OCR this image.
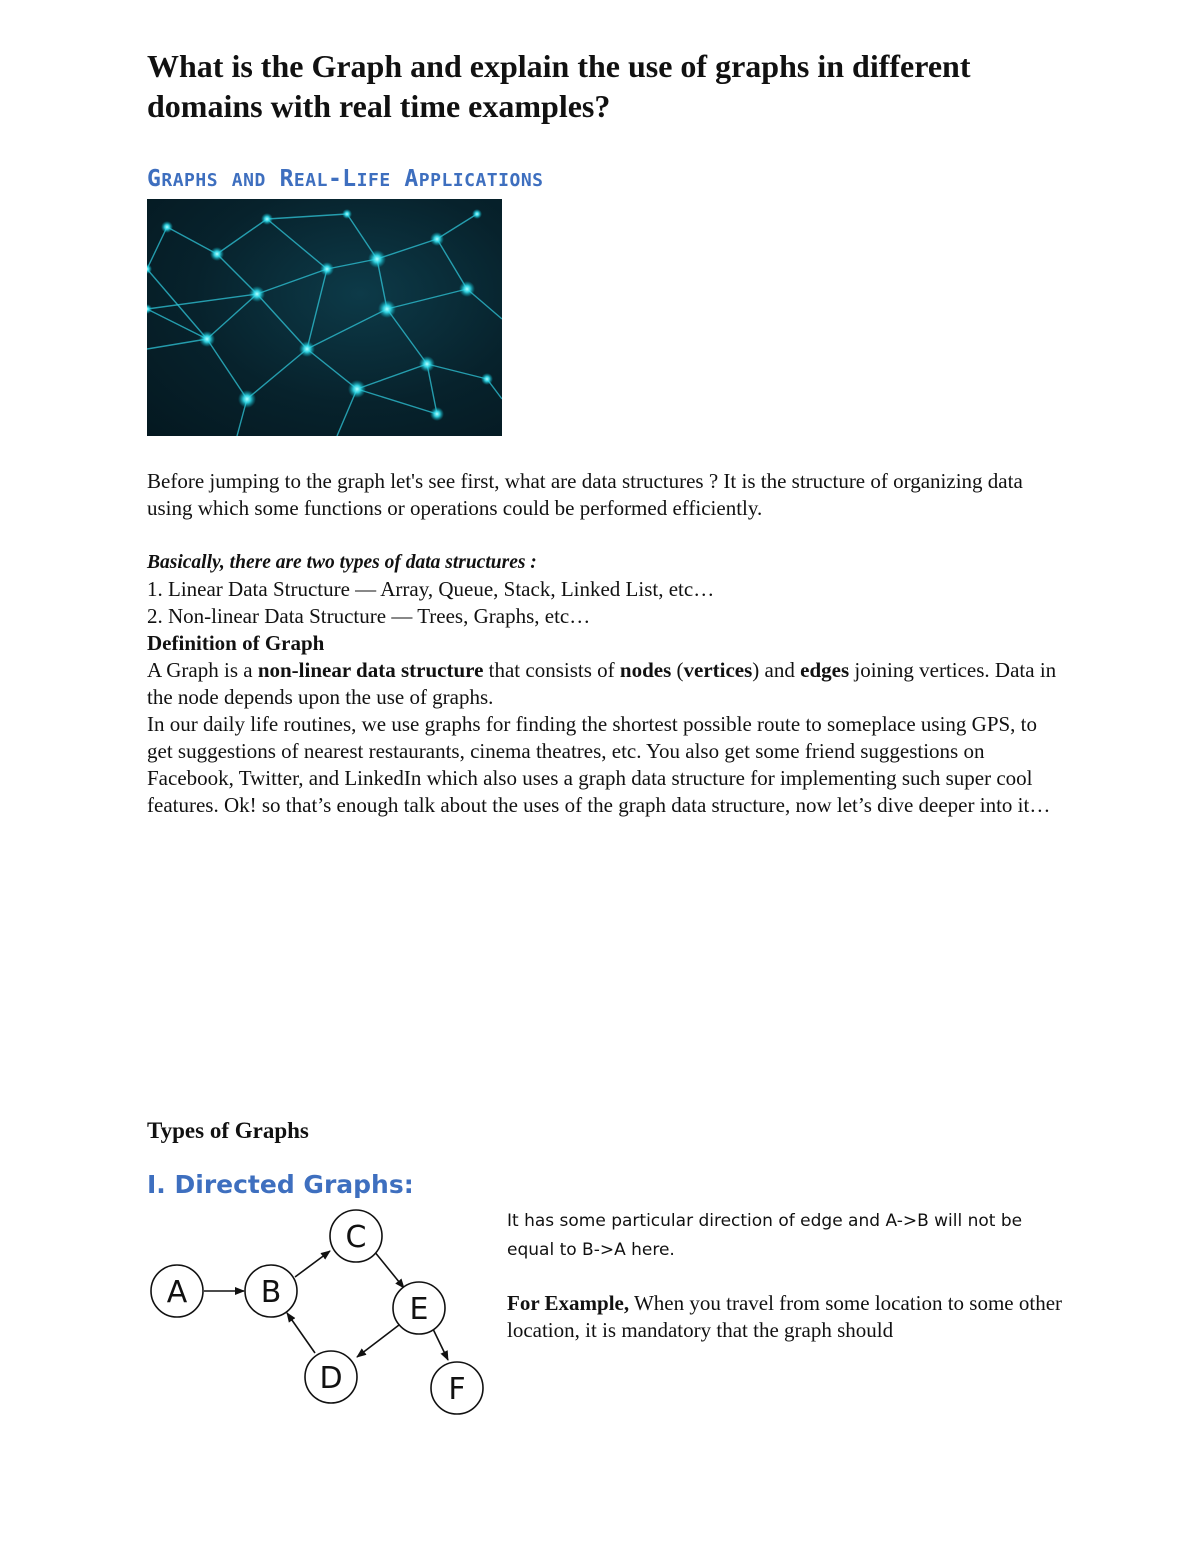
What is the Graph and explain the use of graphs in different domains with real time examples?
GRAPHS AND REAL-LIFE APPLICATIONS

Before jumping to the graph let's see first, what are data structures ? It is the structure of organizing data using which some functions or operations could be performed efficiently.

Basically, there are two types of data structures :
1. Linear Data Structure — Array, Queue, Stack, Linked List, etc…
2. Non-linear Data Structure — Trees, Graphs, etc…
Definition of Graph
A Graph is a non-linear data structure that consists of nodes (vertices) and edges joining vertices. Data in the node depends upon the use of graphs.
In our daily life routines, we use graphs for finding the shortest possible route to someplace using GPS, to get suggestions of nearest restaurants, cinema theatres, etc. You also get some friend suggestions on Facebook, Twitter, and LinkedIn which also uses a graph data structure for implementing such super cool features. Ok! so that’s enough talk about the uses of the graph data structure, now let’s dive deeper into it…
Types of Graphs
I. Directed Graphs:
A B
C
D
E
F

It has some particular direction of edge and A->B will not be equal to B->A here.

For Example, When you travel from some location to some other location, it is mandatory that the graph should
